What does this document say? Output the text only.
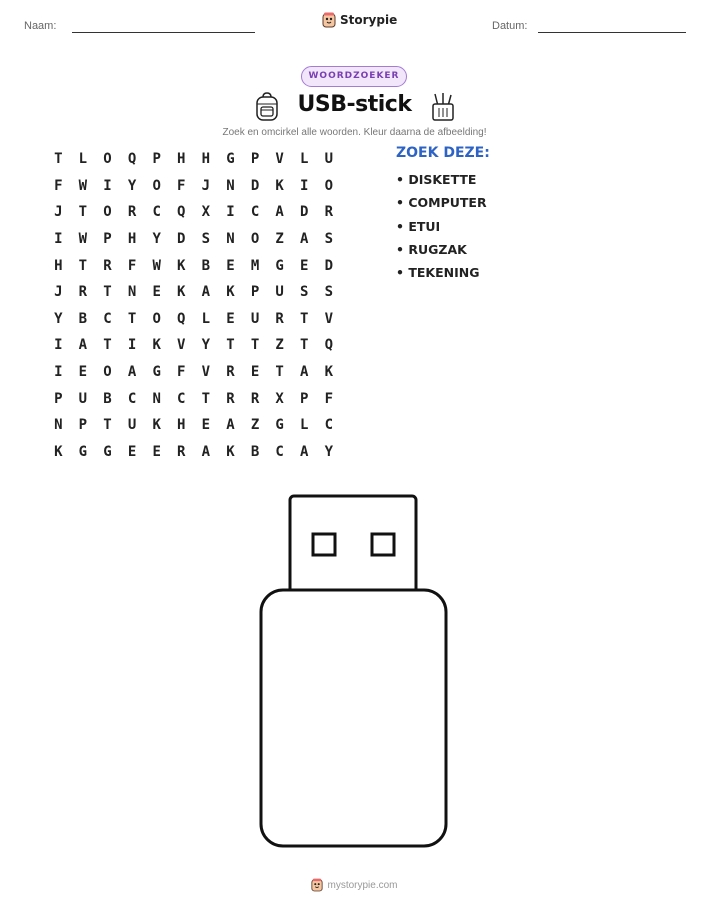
Naam:	Storypie	Datum:
WOORDZOEKER
USB-stick
Zoek en omcirkel alle woorden. Kleur daarna de afbeelding!
T	L	O	Q	P	H	H	G	P	V	L	U
F	W	I	Y	O	F	J	N	D	K	I	O
J	T	O	R	C	Q	X	I	C	A	D	R
I	W	P	H	Y	D	S	N	O	Z	A	S
H	T	R	F	W	K	B	E	M	G	E	D
J	R	T	N	E	K	A	K	P	U	S	S
Y	B	C	T	O	Q	L	E	U	R	T	V
I	A	T	I	K	V	Y	T	T	Z	T	Q
I	E	O	A	G	F	V	R	E	T	A	K
P	U	B	C	N	C	T	R	R	X	P	F
N	P	T	U	K	H	E	A	Z	G	L	C
K	G	G	E	E	R	A	K	B	C	A	Y
ZOEK DEZE:
• DISKETTE
• COMPUTER
• ETUI
• RUGZAK
• TEKENING
mystorypie.com
